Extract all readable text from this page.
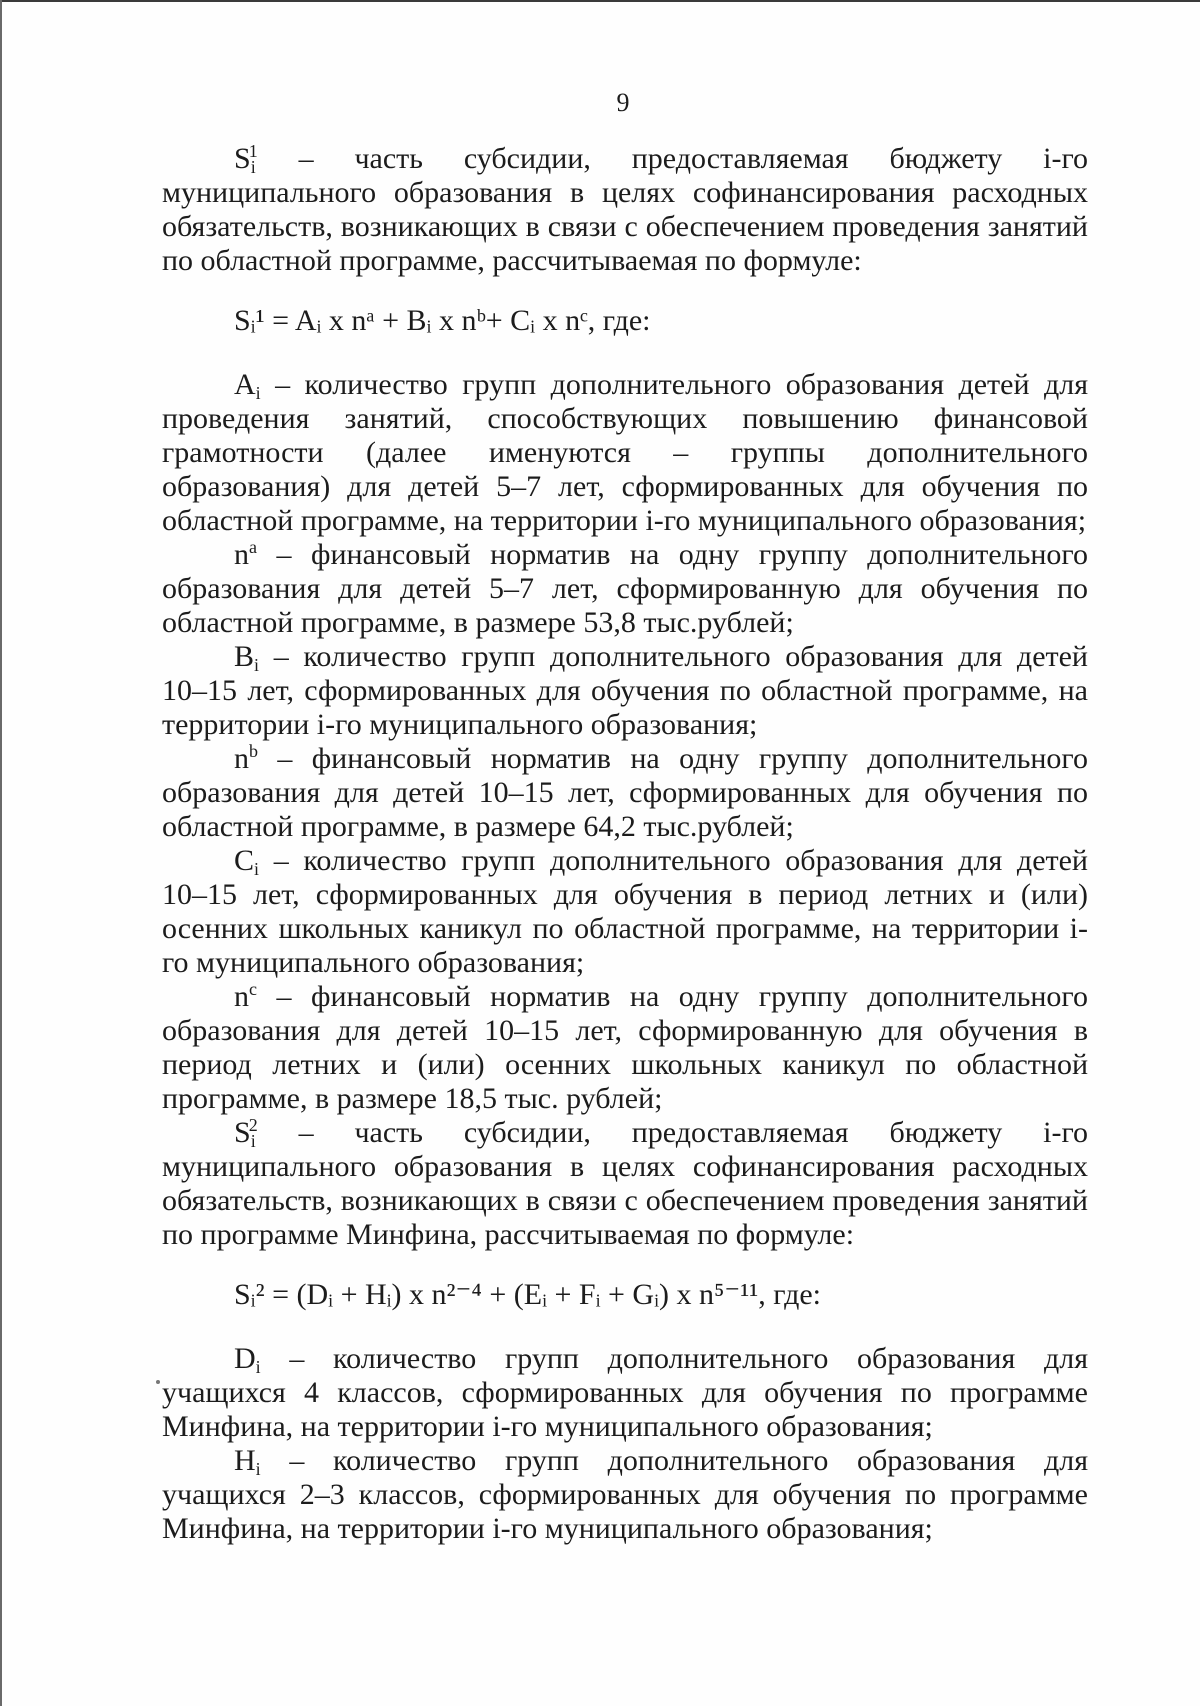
9

$S_i^1$ – часть субсидии, предоставляемая бюджету i-го муниципального образования в целях софинансирования расходных обязательств, возникающих в связи с обеспечением проведения занятий по областной программе, рассчитываемая по формуле:

Sᵢ¹ = Aᵢ x nᵃ + Bᵢ x nᵇ+ Cᵢ x nᶜ, где:

$A_i$ – количество групп дополнительного образования детей для проведения занятий, способствующих повышению финансовой грамотности (далее именуются – группы дополнительного образования) для детей 5–7 лет, сформированных для обучения по областной программе, на территории i-го муниципального образования;

$n^a$ – финансовый норматив на одну группу дополнительного образования для детей 5–7 лет, сформированную для обучения по областной программе, в размере 53,8 тыс.рублей;

$B_i$ – количество групп дополнительного образования для детей 10–15 лет, сформированных для обучения по областной программе, на территории i-го муниципального образования;

$n^b$ – финансовый норматив на одну группу дополнительного образования для детей 10–15 лет, сформированных для обучения по областной программе, в размере 64,2 тыс.рублей;

$C_i$ – количество групп дополнительного образования для детей 10–15 лет, сформированных для обучения в период летних и (или) осенних школьных каникул по областной программе, на территории i-го муниципального образования;

$n^c$ – финансовый норматив на одну группу дополнительного образования для детей 10–15 лет, сформированную для обучения в период летних и (или) осенних школьных каникул по областной программе, в размере 18,5 тыс. рублей;

$S_i^2$ – часть субсидии, предоставляемая бюджету i-го муниципального образования в целях софинансирования расходных обязательств, возникающих в связи с обеспечением проведения занятий по программе Минфина, рассчитываемая по формуле:

Sᵢ² = (Dᵢ + Hᵢ) x n²⁻⁴ + (Eᵢ + Fᵢ + Gᵢ) x n⁵⁻¹¹, где:

$D_i$ – количество групп дополнительного образования для учащихся 4 классов, сформированных для обучения по программе Минфина, на территории i-го муниципального образования;

$H_i$ – количество групп дополнительного образования для учащихся 2–3 классов, сформированных для обучения по программе Минфина, на территории i-го муниципального образования;
